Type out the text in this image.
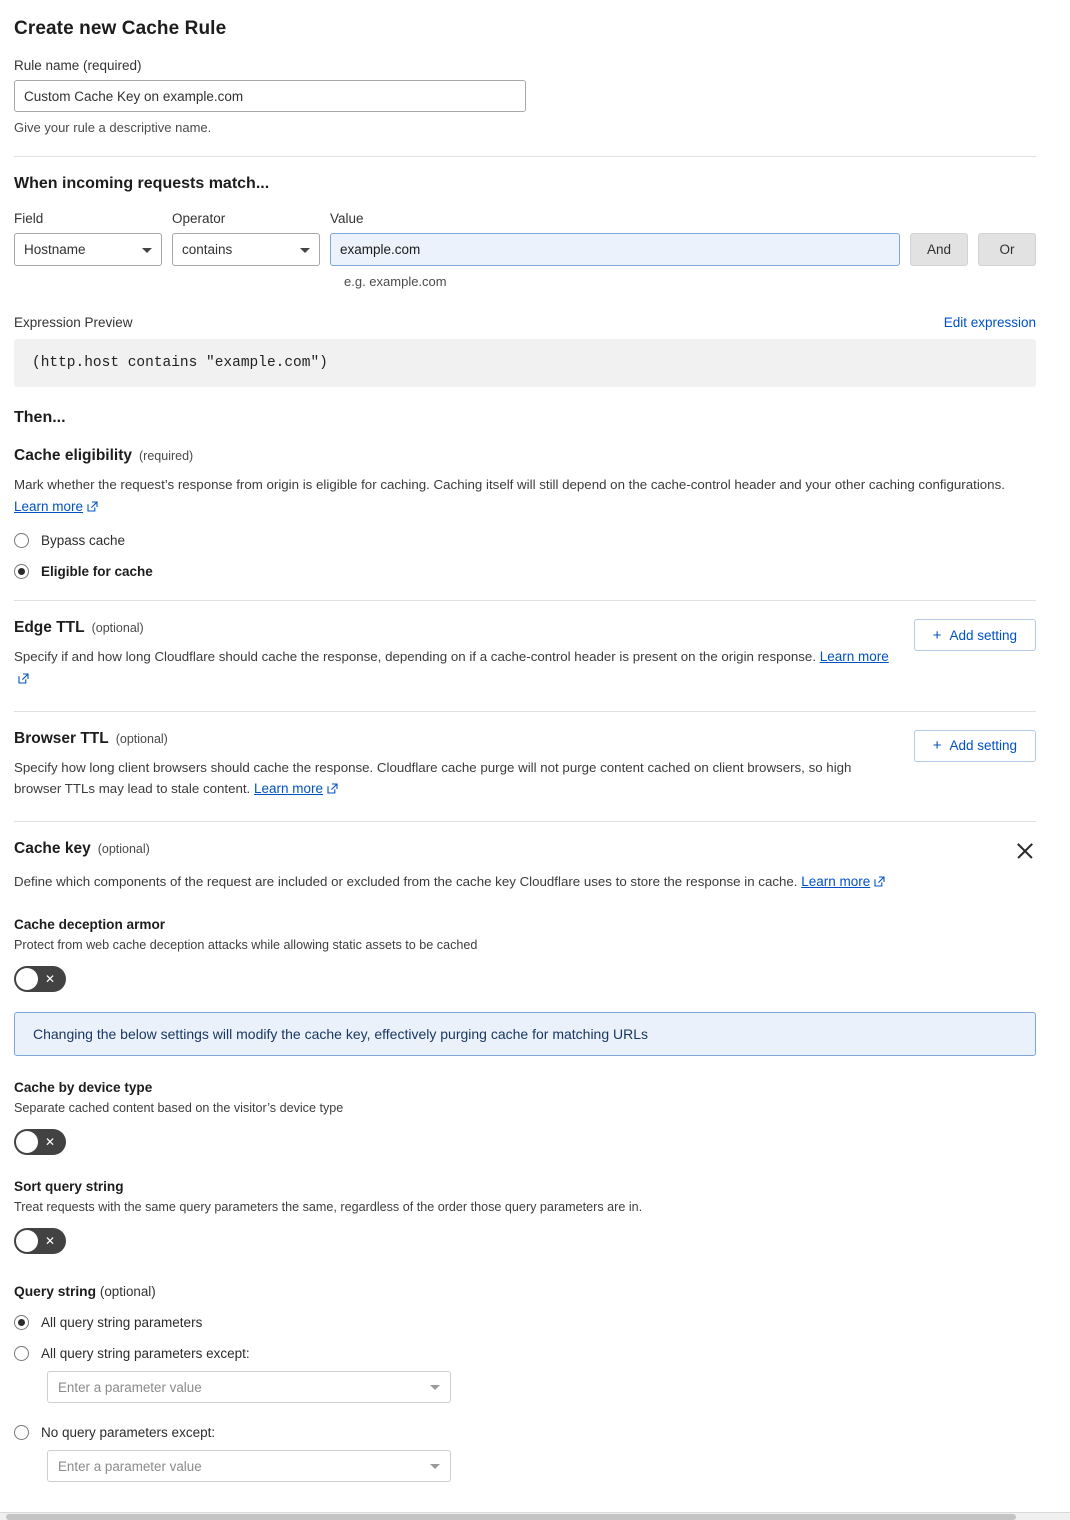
Create new Cache Rule
Rule name (required)
Custom Cache Key on example.com
Give your rule a descriptive name.
When incoming requests match...
Field
Hostname
Operator
contains
Value
example.com
And	Or
e.g. example.com
Expression Preview	Edit expression
(http.host contains "example.com")
Then...
Cache eligibility (required)
Mark whether the request’s response from origin is eligible for caching. Caching itself will still depend on the cache-control header and your other caching configurations. Learn more
Bypass cache
Eligible for cache
Edge TTL (optional)
Specify if and how long Cloudflare should cache the response, depending on if a cache-control header is present on the origin response. Learn more
+ Add setting
Browser TTL (optional)
Specify how long client browsers should cache the response. Cloudflare cache purge will not purge content cached on client browsers, so high browser TTLs may lead to stale content. Learn more
+ Add setting
Cache key (optional)
Define which components of the request are included or excluded from the cache key Cloudflare uses to store the response in cache. Learn more
Cache deception armor
Protect from web cache deception attacks while allowing static assets to be cached
✕
Changing the below settings will modify the cache key, effectively purging cache for matching URLs
Cache by device type
Separate cached content based on the visitor’s device type
✕
Sort query string
Treat requests with the same query parameters the same, regardless of the order those query parameters are in.
✕
Query string (optional)
All query string parameters
All query string parameters except:
Enter a parameter value
No query parameters except:
Enter a parameter value
